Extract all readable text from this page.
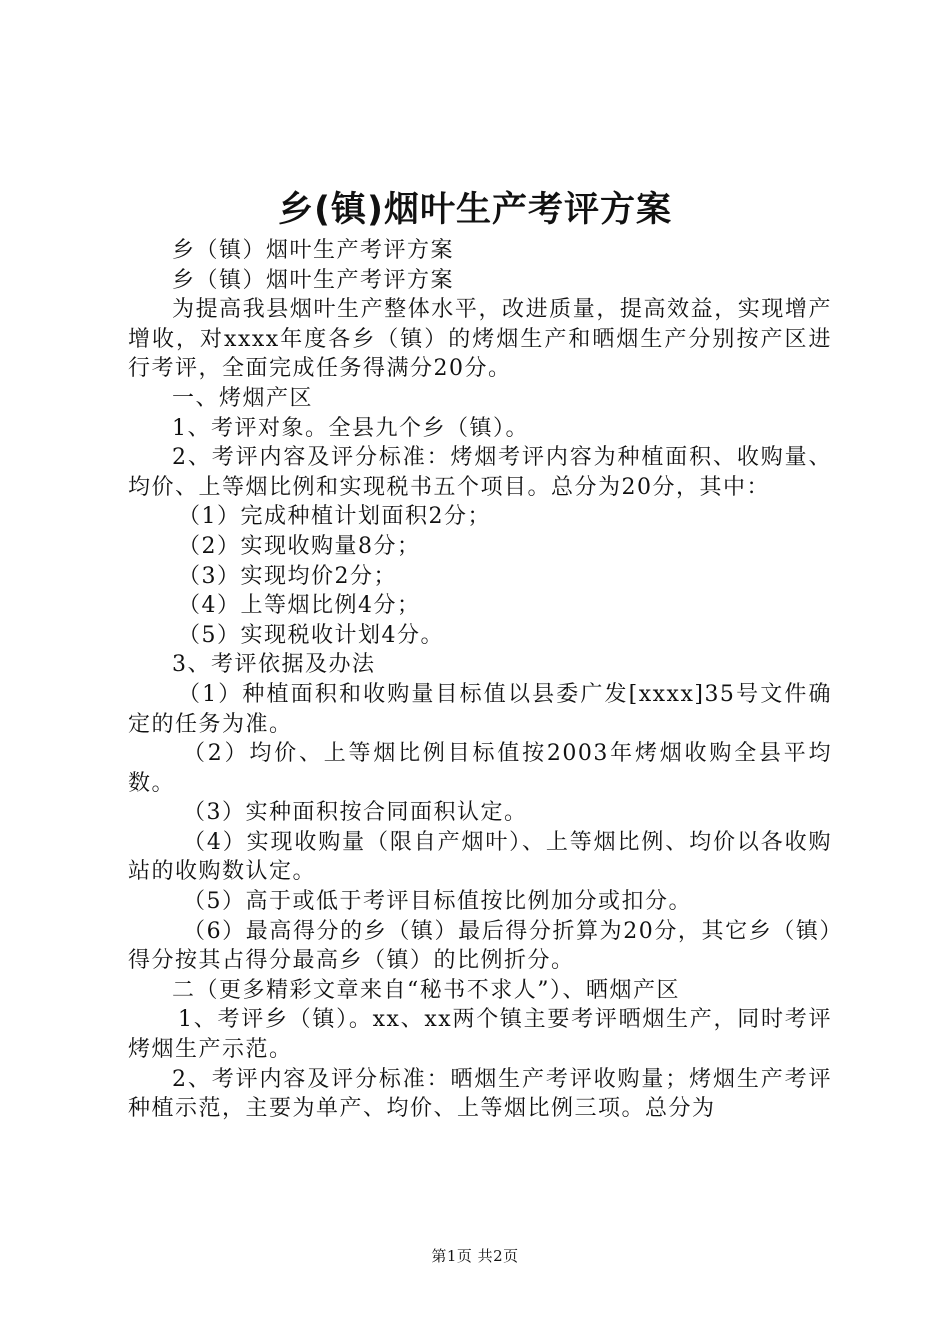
乡(镇)烟叶生产考评方案

乡（镇）烟叶生产考评方案

乡（镇）烟叶生产考评方案

为提高我县烟叶生产整体水平，改进质量，提高效益，实现增产增收，对xxxx年度各乡（镇）的烤烟生产和晒烟生产分别按产区进行考评，全面完成任务得满分20分。

一、烤烟产区

1、考评对象。全县九个乡（镇）。

2、考评内容及评分标准：烤烟考评内容为种植面积、收购量、均价、上等烟比例和实现税书五个项目。总分为20分，其中：

（1）完成种植计划面积2分；

（2）实现收购量8分；

（3）实现均价2分；

（4）上等烟比例4分；

（5）实现税收计划4分。

3、考评依据及办法

（1）种植面积和收购量目标值以县委广发[xxxx]35号文件确定的任务为准。

（2）均价、上等烟比例目标值按2003年烤烟收购全县平均数。

（3）实种面积按合同面积认定。

（4）实现收购量（限自产烟叶）、上等烟比例、均价以各收购站的收购数认定。

（5）高于或低于考评目标值按比例加分或扣分。

（6）最高得分的乡（镇）最后得分折算为20分，其它乡（镇）得分按其占得分最高乡（镇）的比例折分。

二（更多精彩文章来自“秘书不求人”）、晒烟产区

1、考评乡（镇）。xx、xx两个镇主要考评晒烟生产，同时考评烤烟生产示范。

2、考评内容及评分标准：晒烟生产考评收购量；烤烟生产考评种植示范，主要为单产、均价、上等烟比例三项。总分为

第1页 共2页
